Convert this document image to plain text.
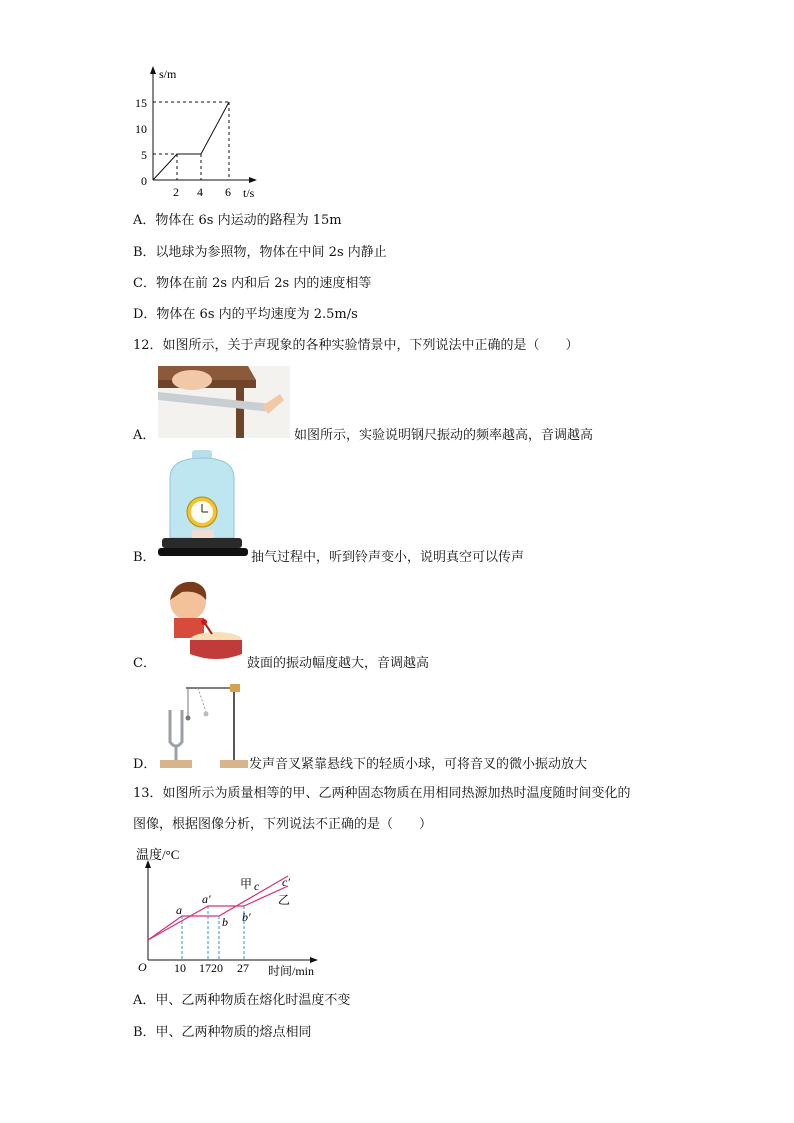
s/m
t/s
15
10
5
0
2 4 6
A．物体在 6s 内运动的路程为 15m
B．以地球为参照物，物体在中间 2s 内静止
C．物体在前 2s 内和后 2s 内的速度相等
D．物体在 6s 内的平均速度为 2.5m/s
12．如图所示，关于声现象的各种实验情景中，下列说法中正确的是（　　）
A．	如图所示，实验说明钢尺振动的频率越高，音调越高
B．	抽气过程中，听到铃声变小，说明真空可以传声
C．	鼓面的振动幅度越大，音调越高
D．	发声音叉紧靠悬线下的轻质小球，可将音叉的微小振动放大
13．如图所示为质量相等的甲、乙两种固态物质在用相同热源加热时温度随时间变化的
图像，根据图像分析，下列说法不正确的是（　　）
温度/°C
时间/min
O 10 1720 27
a
a′
b b′
c c′
甲
乙
A．甲、乙两种物质在熔化时温度不变
B．甲、乙两种物质的熔点相同
